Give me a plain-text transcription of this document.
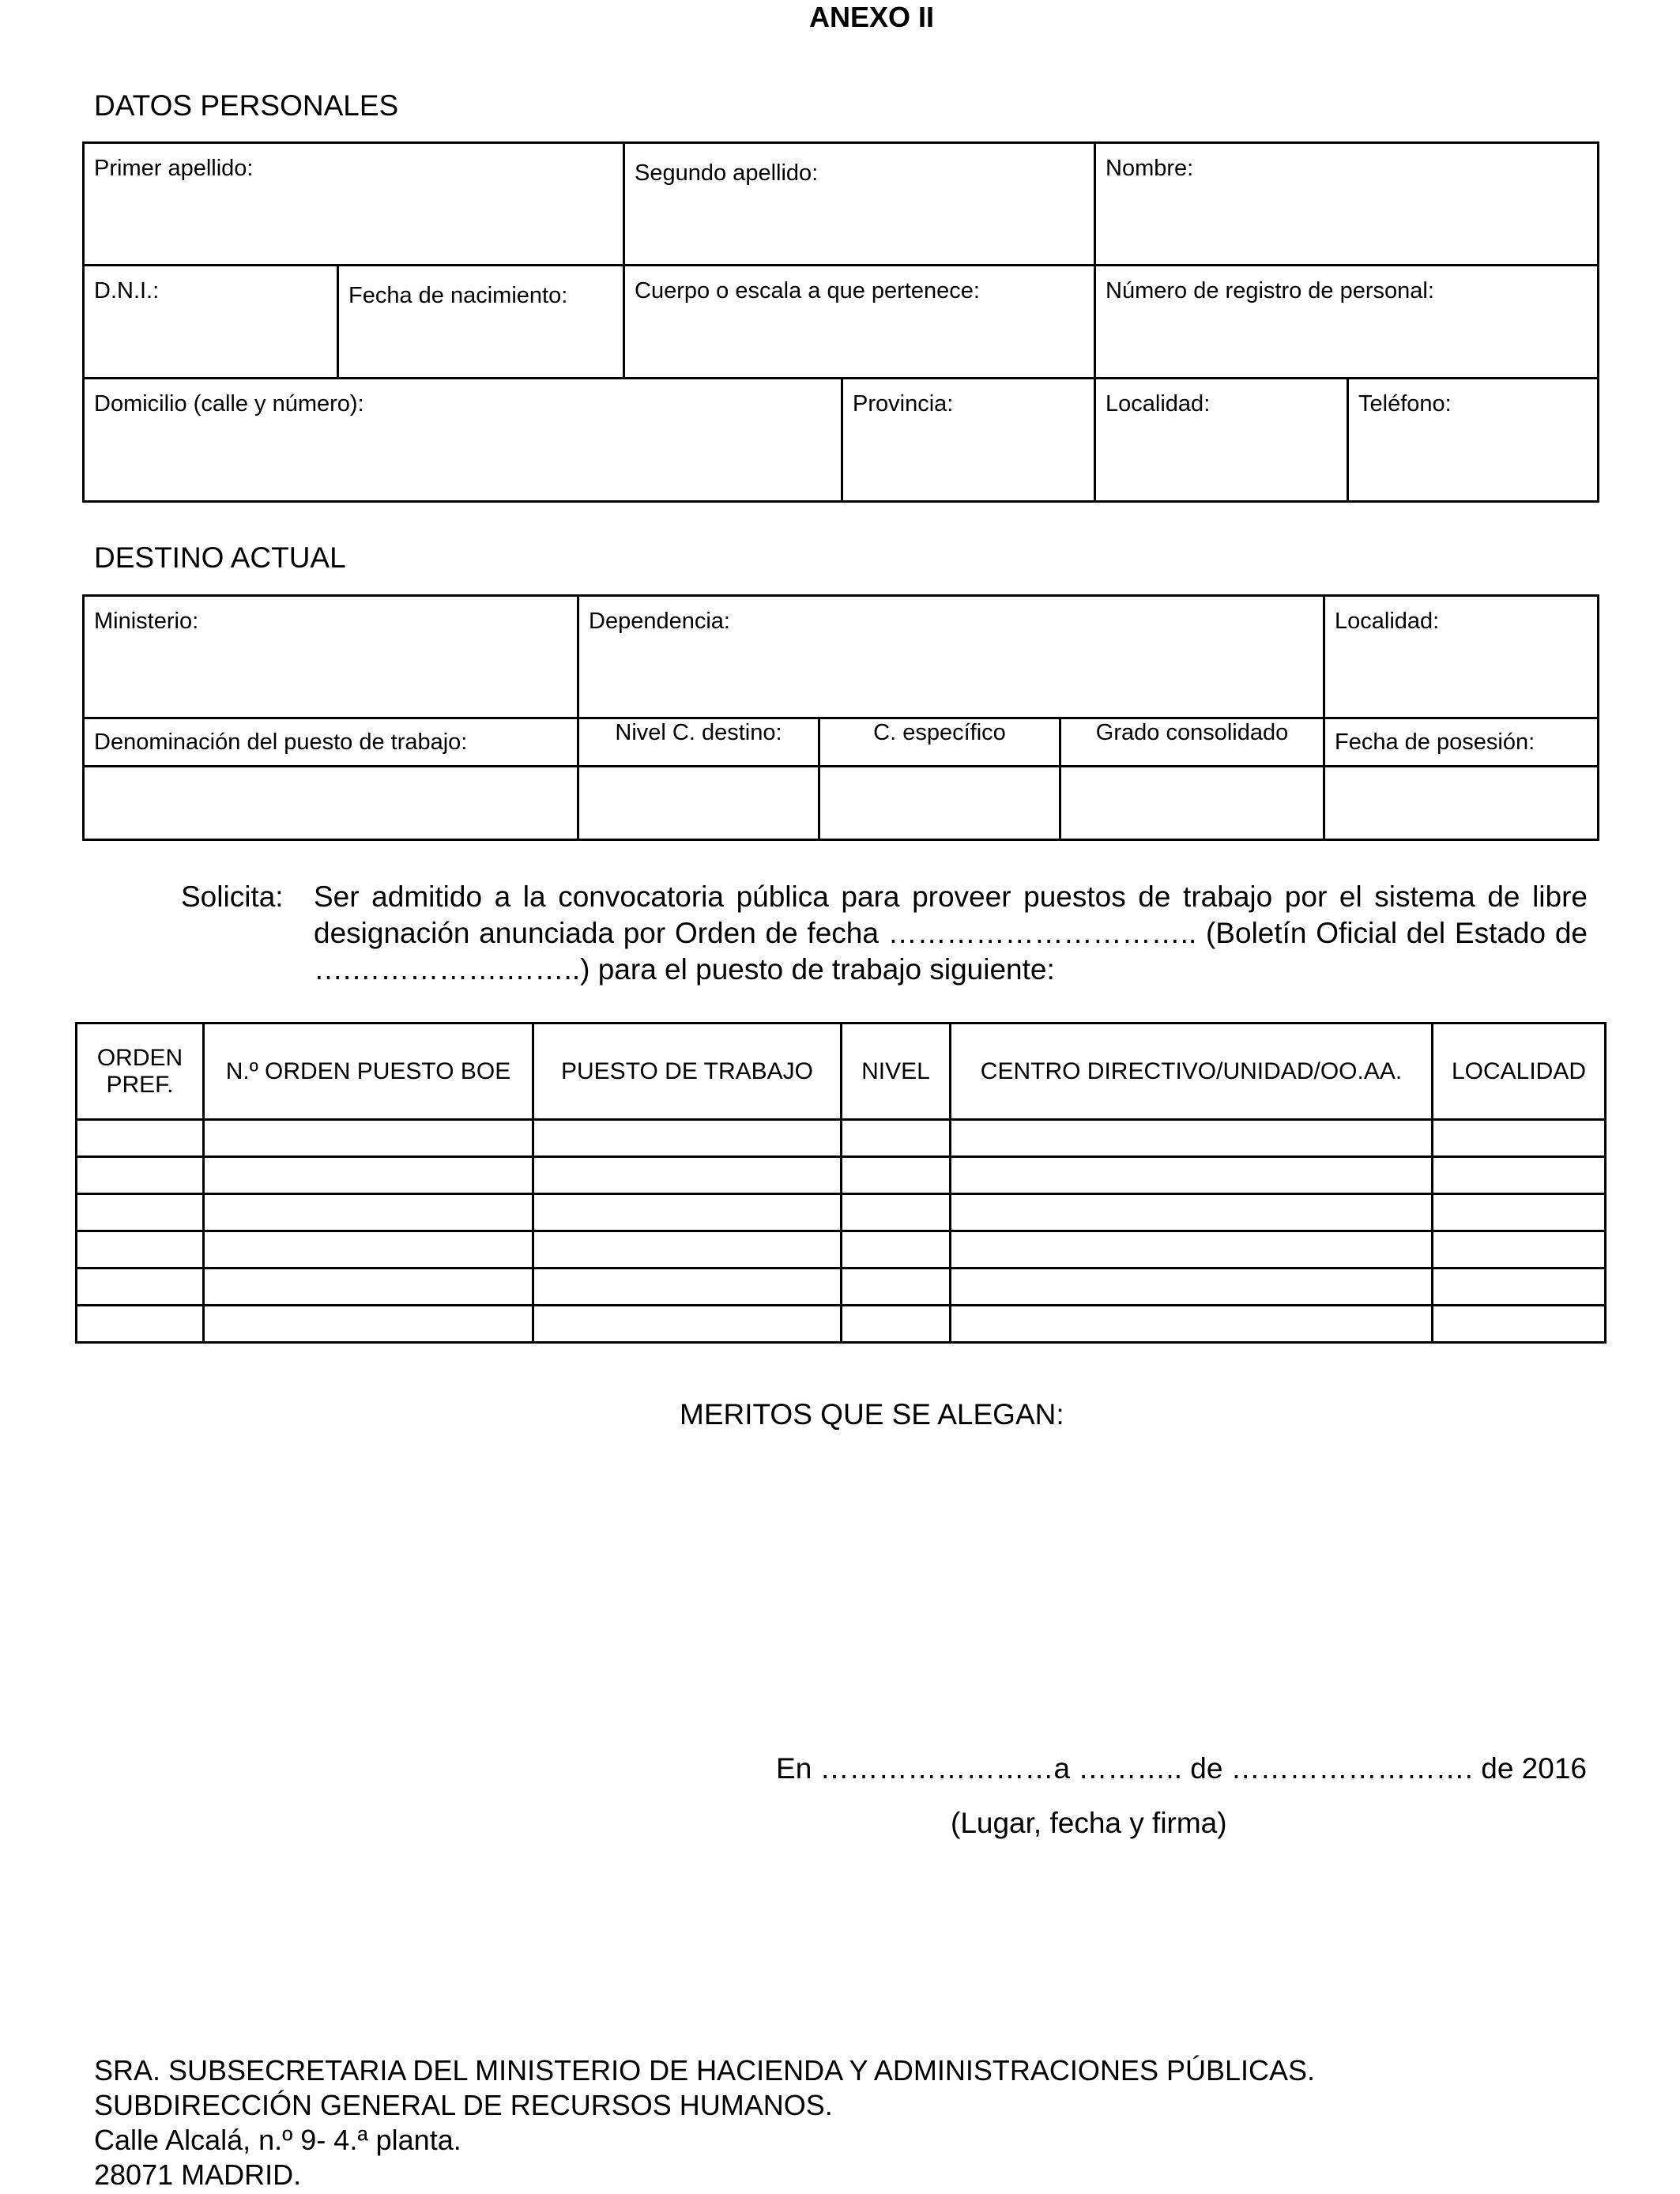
ANEXO II
DATOS PERSONALES
Primer apellido:		Segundo apellido:		Nombre:	

D.N.I.:	Fecha de nacimiento:	Cuerpo o escala a que pertenece:		Número de registro de personal:	

Domicilio (calle y número):			Provincia:	Localidad:	Teléfono:
DESTINO ACTUAL
Ministerio:	Dependencia:			Localidad:

Denominación del puesto de trabajo:	Nivel C. destino:	C. específico	Grado consolidado	Fecha de posesión:

Solicita: Ser admitido a la convocatoria pública para proveer puestos de trabajo por el sistema de libre designación anunciada por Orden de fecha ………………………….. (Boletín Oficial del Estado de ….…………….……..) para el puesto de trabajo siguiente:
ORDEN PREF.	N.º ORDEN PUESTO BOE	PUESTO DE TRABAJO	NIVEL	CENTRO DIRECTIVO/UNIDAD/OO.AA.	LOCALIDAD

MERITOS QUE SE ALEGAN:
En ……………………a ……….. de ……………………. de 2016
(Lugar, fecha y firma)
SRA. SUBSECRETARIA DEL MINISTERIO DE HACIENDA Y ADMINISTRACIONES PÚBLICAS.
SUBDIRECCIÓN GENERAL DE RECURSOS HUMANOS.
Calle Alcalá, n.º 9- 4.ª planta.
28071 MADRID.
